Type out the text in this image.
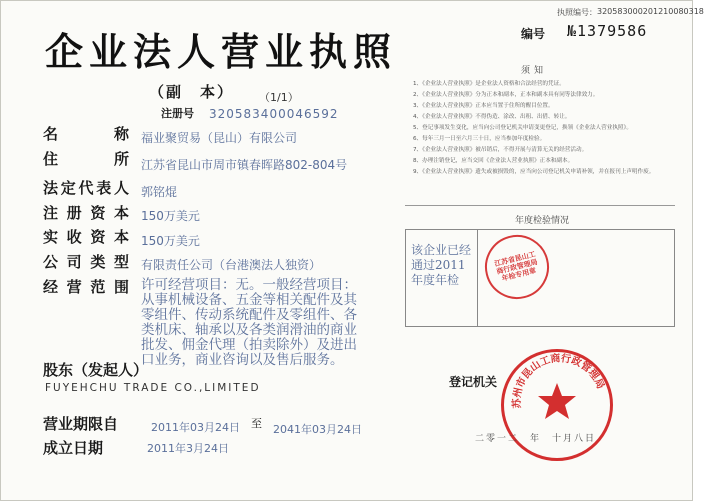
执照编号： 320583000201210080318
编号 №1379586
企业法人营业执照
（副　本） （1/1）
注册号 320583400046592
名	称 福业聚贸易（昆山）有限公司
住	所 江苏省昆山市周市镇春晖路802-804号
法 定 代 表 人 郭铭焜
注 册 资 本 150万美元
实 收 资 本 150万美元
公 司 类 型 有限责任公司（台港澳法人独资）
经 营 范 围 许可经营项目：无。一般经营项目：从事机械设备、五金等相关配件及其零组件、传动系统配件及零组件、各类机床、轴承以及各类润滑油的商业批发、佣金代理（拍卖除外）及进出口业务，商业咨询以及售后服务。
股东（发起人）
FUYEHCHU TRADE CO.,LIMITED
营业期限自	2011年03月24日 至 2041年03月24日
成立日期	2011年3月24日
须知
1、《企业法人营业执照》是企业法人资格和合法经营的凭证。
2、《企业法人营业执照》分为正本和副本，正本和副本具有同等法律效力。
3、《企业法人营业执照》正本应当置于住所的醒目位置。
4、《企业法人营业执照》不得伪造、涂改、出租、出借、转让。
5、登记事项发生变化，应当向公司登记机关申请变更登记，换领《企业法人营业执照》。
6、每年三月一日至六月三十日，应当参加年度检验。
7、《企业法人营业执照》被吊销后，不得开展与清算无关的经营活动。
8、办理注销登记，应当交回《企业法人营业执照》正本和副本。
9、《企业法人营业执照》遗失或被损毁的，应当向公司登记机关申请补领，并在报刊上声明作废。
年度检验情况
该企业已经通过2011年度年检
江苏省昆山工商行政管理局年检专用章
登记机关
苏州市昆山工商行政管理局
二零一二　年　十月八日
